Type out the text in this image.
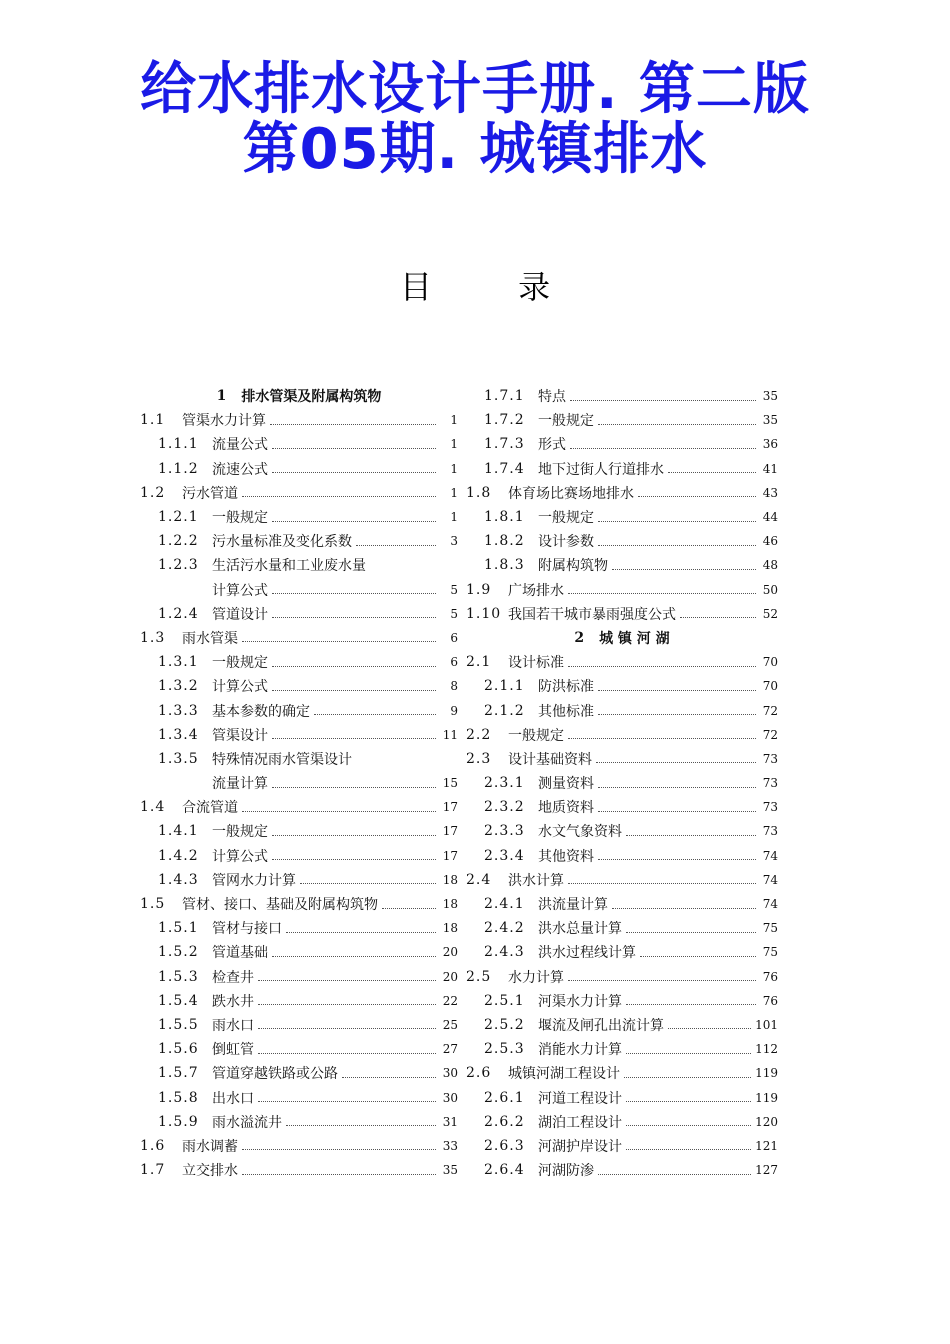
给水排水设计手册. 第二版
第05期. 城镇排水
目	录
1 排水管渠及附属构筑物
1.1	管渠水力计算	1
1.1.1 流量公式	1
1.1.2 流速公式	1
1.2	污水管道	1
1.2.1 一般规定	1
1.2.2 污水量标准及变化系数	3
1.2.3 生活污水量和工业废水量
计算公式	5
1.2.4 管道设计	5
1.3	雨水管渠	6
1.3.1 一般规定	6
1.3.2 计算公式	8
1.3.3 基本参数的确定	9
1.3.4 管渠设计	11
1.3.5 特殊情况雨水管渠设计
流量计算	15
1.4	合流管道	17
1.4.1 一般规定	17
1.4.2 计算公式	17
1.4.3 管网水力计算	18
1.5	管材、接口、基础及附属构筑物	18
1.5.1 管材与接口	18
1.5.2 管道基础	20
1.5.3 检查井	20
1.5.4 跌水井	22
1.5.5 雨水口	25
1.5.6 倒虹管	27
1.5.7 管道穿越铁路或公路	30
1.5.8 出水口	30
1.5.9 雨水溢流井	31
1.6	雨水调蓄	33
1.7	立交排水	35
1.7.1 特点	35
1.7.2 一般规定	35
1.7.3 形式	36
1.7.4 地下过街人行道排水	41
1.8	体育场比赛场地排水	43
1.8.1 一般规定	44
1.8.2 设计参数	46
1.8.3 附属构筑物	48
1.9	广场排水	50
1.10 我国若干城市暴雨强度公式	52
2 城 镇 河 湖
2.1	设计标准	70
2.1.1 防洪标准	70
2.1.2 其他标准	72
2.2	一般规定	72
2.3	设计基础资料	73
2.3.1 测量资料	73
2.3.2 地质资料	73
2.3.3 水文气象资料	73
2.3.4 其他资料	74
2.4	洪水计算	74
2.4.1 洪流量计算	74
2.4.2 洪水总量计算	75
2.4.3 洪水过程线计算	75
2.5	水力计算	76
2.5.1 河渠水力计算	76
2.5.2 堰流及闸孔出流计算	101
2.5.3 消能水力计算	112
2.6	城镇河湖工程设计	119
2.6.1 河道工程设计	119
2.6.2 湖泊工程设计	120
2.6.3 河湖护岸设计	121
2.6.4 河湖防渗	127
